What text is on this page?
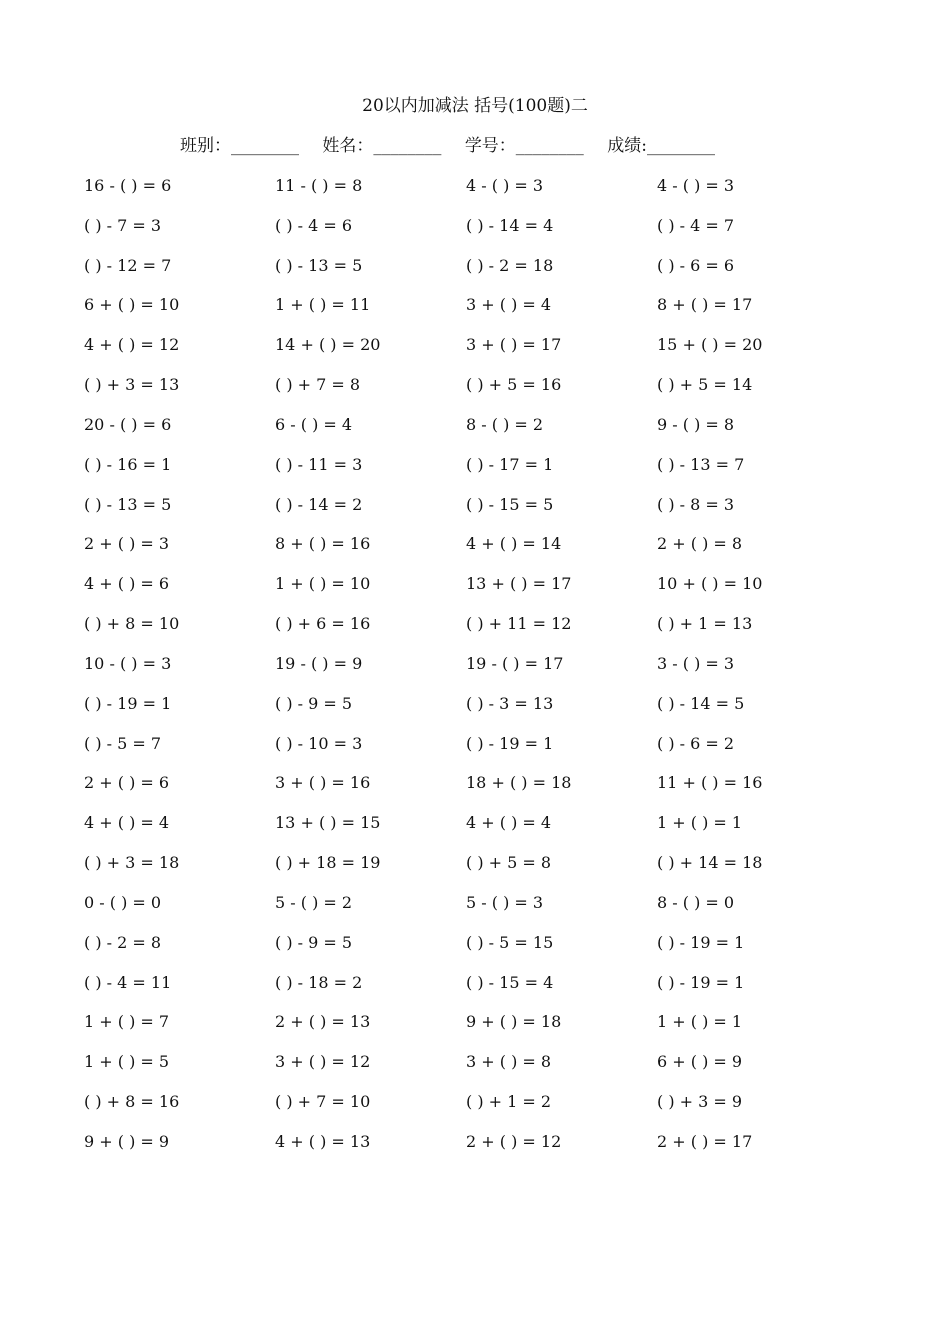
20以内加减法 括号(100题)二
班别：________ 姓名：________ 学号：________ 成绩:________
16 - ( ) = 6	11 - ( ) = 8	4 - ( ) = 3	4 - ( ) = 3
( ) - 7 = 3	( ) - 4 = 6	( ) - 14 = 4	( ) - 4 = 7
( ) - 12 = 7	( ) - 13 = 5	( ) - 2 = 18	( ) - 6 = 6
6 + ( ) = 10	1 + ( ) = 11	3 + ( ) = 4	8 + ( ) = 17
4 + ( ) = 12	14 + ( ) = 20	3 + ( ) = 17	15 + ( ) = 20
( ) + 3 = 13	( ) + 7 = 8	( ) + 5 = 16	( ) + 5 = 14
20 - ( ) = 6	6 - ( ) = 4	8 - ( ) = 2	9 - ( ) = 8
( ) - 16 = 1	( ) - 11 = 3	( ) - 17 = 1	( ) - 13 = 7
( ) - 13 = 5	( ) - 14 = 2	( ) - 15 = 5	( ) - 8 = 3
2 + ( ) = 3	8 + ( ) = 16	4 + ( ) = 14	2 + ( ) = 8
4 + ( ) = 6	1 + ( ) = 10	13 + ( ) = 17	10 + ( ) = 10
( ) + 8 = 10	( ) + 6 = 16	( ) + 11 = 12	( ) + 1 = 13
10 - ( ) = 3	19 - ( ) = 9	19 - ( ) = 17	3 - ( ) = 3
( ) - 19 = 1	( ) - 9 = 5	( ) - 3 = 13	( ) - 14 = 5
( ) - 5 = 7	( ) - 10 = 3	( ) - 19 = 1	( ) - 6 = 2
2 + ( ) = 6	3 + ( ) = 16	18 + ( ) = 18	11 + ( ) = 16
4 + ( ) = 4	13 + ( ) = 15	4 + ( ) = 4	1 + ( ) = 1
( ) + 3 = 18	( ) + 18 = 19	( ) + 5 = 8	( ) + 14 = 18
0 - ( ) = 0	5 - ( ) = 2	5 - ( ) = 3	8 - ( ) = 0
( ) - 2 = 8	( ) - 9 = 5	( ) - 5 = 15	( ) - 19 = 1
( ) - 4 = 11	( ) - 18 = 2	( ) - 15 = 4	( ) - 19 = 1
1 + ( ) = 7	2 + ( ) = 13	9 + ( ) = 18	1 + ( ) = 1
1 + ( ) = 5	3 + ( ) = 12	3 + ( ) = 8	6 + ( ) = 9
( ) + 8 = 16	( ) + 7 = 10	( ) + 1 = 2	( ) + 3 = 9
9 + ( ) = 9	4 + ( ) = 13	2 + ( ) = 12	2 + ( ) = 17
